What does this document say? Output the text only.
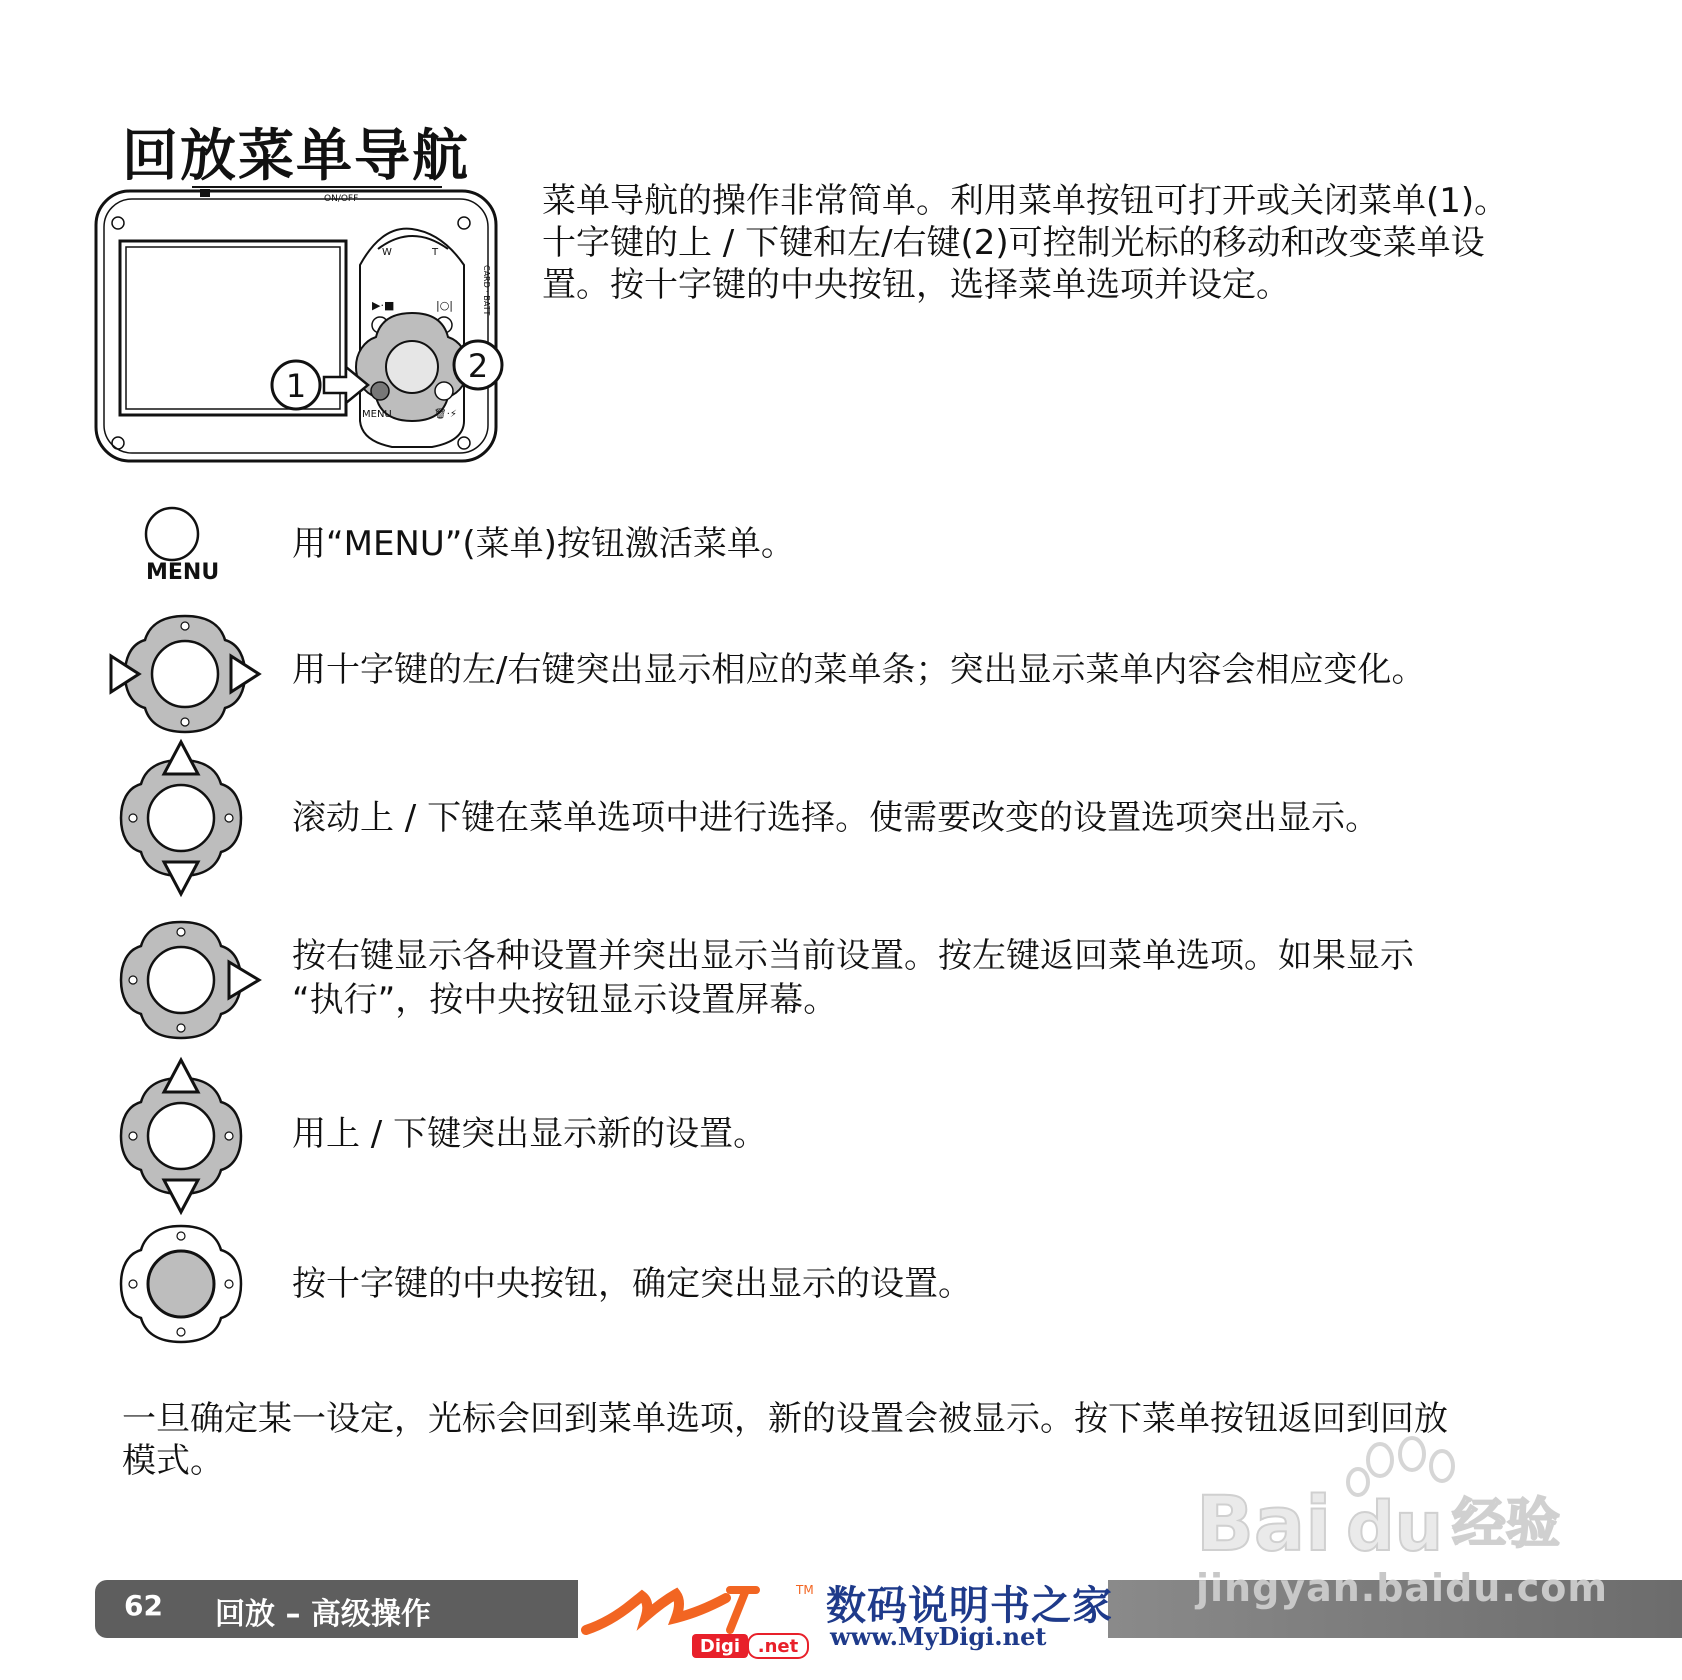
回放菜单导航
ON/OFF
W	T
CARD · BATT
▶·■	|○|
MENU	🗑·⚡
1
2
菜单导航的操作非常简单。利用菜单按钮可打开或关闭菜单(1)。
十字键的上 / 下键和左/右键(2)可控制光标的移动和改变菜单设
置。按十字键的中央按钮，选择菜单选项并设定。
MENU
用“MENU”(菜单)按钮激活菜单。
用十字键的左/右键突出显示相应的菜单条；突出显示菜单内容会相应变化。
滚动上 / 下键在菜单选项中进行选择。使需要改变的设置选项突出显示。
按右键显示各种设置并突出显示当前设置。按左键返回菜单选项。如果显示
“执行”，按中央按钮显示设置屏幕。
用上 / 下键突出显示新的设置。
按十字键的中央按钮，确定突出显示的设置。
一旦确定某一设定，光标会回到菜单选项，新的设置会被显示。按下菜单按钮返回到回放
模式。
Bai du 经验
62 回放 – 高级操作
jingyan.baidu.com
TM
Digi .net
数码说明书之家
www.MyDigi.net
